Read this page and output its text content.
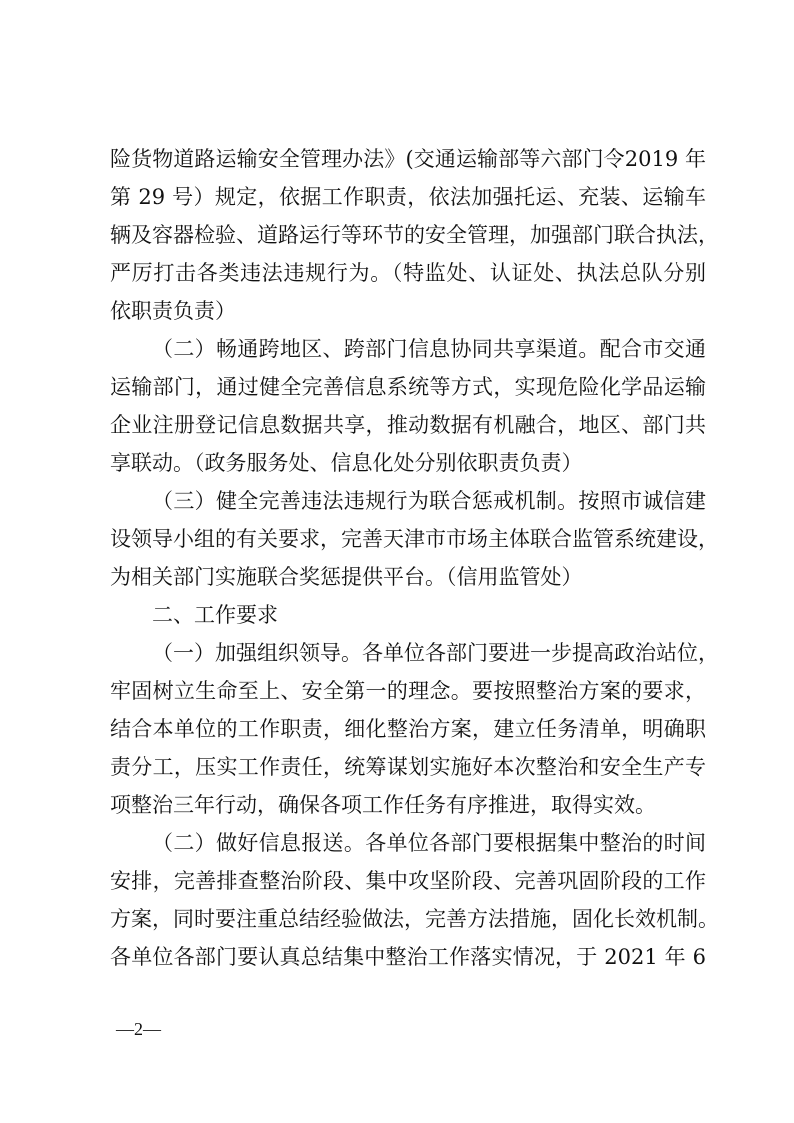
险货物道路运输安全管理办法》(交通运输部等六部门令2019 年

第 29 号）规定，依据工作职责，依法加强托运、充装、运输车

辆及容器检验、道路运行等环节的安全管理，加强部门联合执法，

严厉打击各类违法违规行为。（特监处、认证处、执法总队分别

依职责负责）

（二）畅通跨地区、跨部门信息协同共享渠道。配合市交通

运输部门，通过健全完善信息系统等方式，实现危险化学品运输

企业注册登记信息数据共享，推动数据有机融合，地区、部门共

享联动。（政务服务处、信息化处分别依职责负责）

（三）健全完善违法违规行为联合惩戒机制。按照市诚信建

设领导小组的有关要求，完善天津市市场主体联合监管系统建设，

为相关部门实施联合奖惩提供平台。（信用监管处）

二、工作要求

（一）加强组织领导。各单位各部门要进一步提高政治站位，

牢固树立生命至上、安全第一的理念。要按照整治方案的要求，

结合本单位的工作职责，细化整治方案，建立任务清单，明确职

责分工，压实工作责任，统筹谋划实施好本次整治和安全生产专

项整治三年行动，确保各项工作任务有序推进，取得实效。

（二）做好信息报送。各单位各部门要根据集中整治的时间

安排，完善排查整治阶段、集中攻坚阶段、完善巩固阶段的工作

方案，同时要注重总结经验做法，完善方法措施，固化长效机制。

各单位各部门要认真总结集中整治工作落实情况，于 2021 年 6

—2—
